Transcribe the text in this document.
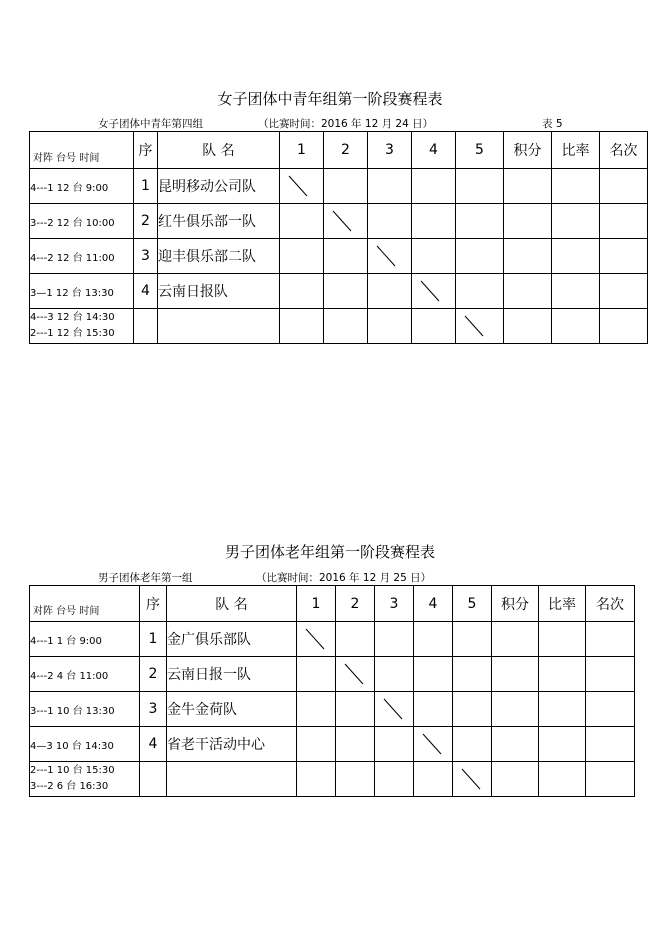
女子团体中青年组第一阶段赛程表
女子团体中青年第四组	（比赛时间：2016 年 12 月 24 日）	表 5
对阵 台号 时间	序	队 名	1	2	3	4	5	积分	比率	名次

4---1 12 台 9:00	1	昆明移动公司队	

3---2 12 台 10:00	2	红牛俱乐部一队		

4---2 12 台 11:00	3	迎丰俱乐部二队			

3—1 12 台 13:30	4	云南日报队				

4---3 12 台 14:30
2---1 12 台 15:30

男子团体老年组第一阶段赛程表
男子团体老年第一组	（比赛时间：2016 年 12 月 25 日）
对阵 台号 时间	序	队 名	1	2	3	4	5	积分	比率	名次

4---1 1 台 9:00	1	金广俱乐部队	

4---2 4 台 11:00	2	云南日报一队		

3---1 10 台 13:30	3	金牛金荷队			

4—3 10 台 14:30	4	省老干活动中心				

2---1 10 台 15:30
3---2 6 台 16:30
